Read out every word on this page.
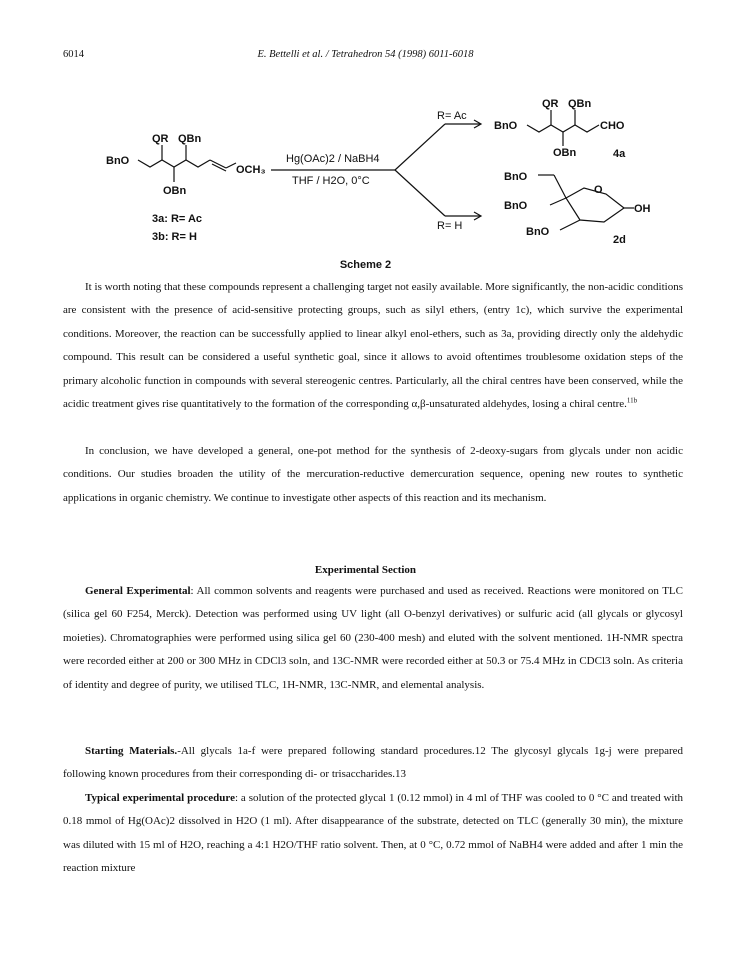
6014	E. Bettelli et al. / Tetrahedron 54 (1998) 6011-6018
QR QBn
BnO
OCH₃
OBn
3a: R= Ac
3b: R= H
Hg(OAc)2 / NaBH4
THF / H2O, 0°C
R= Ac
R= H
QR QBn
BnO	CHO
OBn	4a
BnO
BnO
O
OH
BnO
2d
Scheme 2

It is worth noting that these compounds represent a challenging target not easily available. More significantly, the non-acidic conditions are consistent with the presence of acid-sensitive protecting groups, such as silyl ethers, (entry 1c), which survive the experimental conditions. Moreover, the reaction can be successfully applied to linear alkyl enol-ethers, such as 3a, providing directly only the aldehydic compound. This result can be considered a useful synthetic goal, since it allows to avoid oftentimes troublesome oxidation steps of the primary alcoholic function in compounds with several stereogenic centres. Particularly, all the chiral centres have been conserved, while the acidic treatment gives rise quantitatively to the formation of the corresponding α,β-unsaturated aldehydes, losing a chiral centre.$^{11b}$

In conclusion, we have developed a general, one-pot method for the synthesis of 2-deoxy-sugars from glycals under non acidic conditions. Our studies broaden the utility of the mercuration-reductive demercuration sequence, opening new routes to synthetic applications in organic chemistry. We continue to investigate other aspects of this reaction and its mechanism.

Experimental Section

General Experimental: All common solvents and reagents were purchased and used as received. Reactions were monitored on TLC (silica gel 60 F254, Merck). Detection was performed using UV light (all O-benzyl derivatives) or sulfuric acid (all glycals or glycosyl moieties). Chromatographies were performed using silica gel 60 (230-400 mesh) and eluted with the solvent mentioned. 1H-NMR spectra were recorded either at 200 or 300 MHz in CDCl3 soln, and 13C-NMR were recorded either at 50.3 or 75.4 MHz in CDCl3 soln. As criteria of identity and degree of purity, we utilised TLC, 1H-NMR, 13C-NMR, and elemental analysis.

Starting Materials.-All glycals 1a-f were prepared following standard procedures.12 The glycosyl glycals 1g-j were prepared following known procedures from their corresponding di- or trisaccharides.13

Typical experimental procedure: a solution of the protected glycal 1 (0.12 mmol) in 4 ml of THF was cooled to 0 °C and treated with 0.18 mmol of Hg(OAc)2 dissolved in H2O (1 ml). After disappearance of the substrate, detected on TLC (generally 30 min), the mixture was diluted with 15 ml of H2O, reaching a 4:1 H2O/THF ratio solvent. Then, at 0 °C, 0.72 mmol of NaBH4 were added and after 1 min the reaction mixture
